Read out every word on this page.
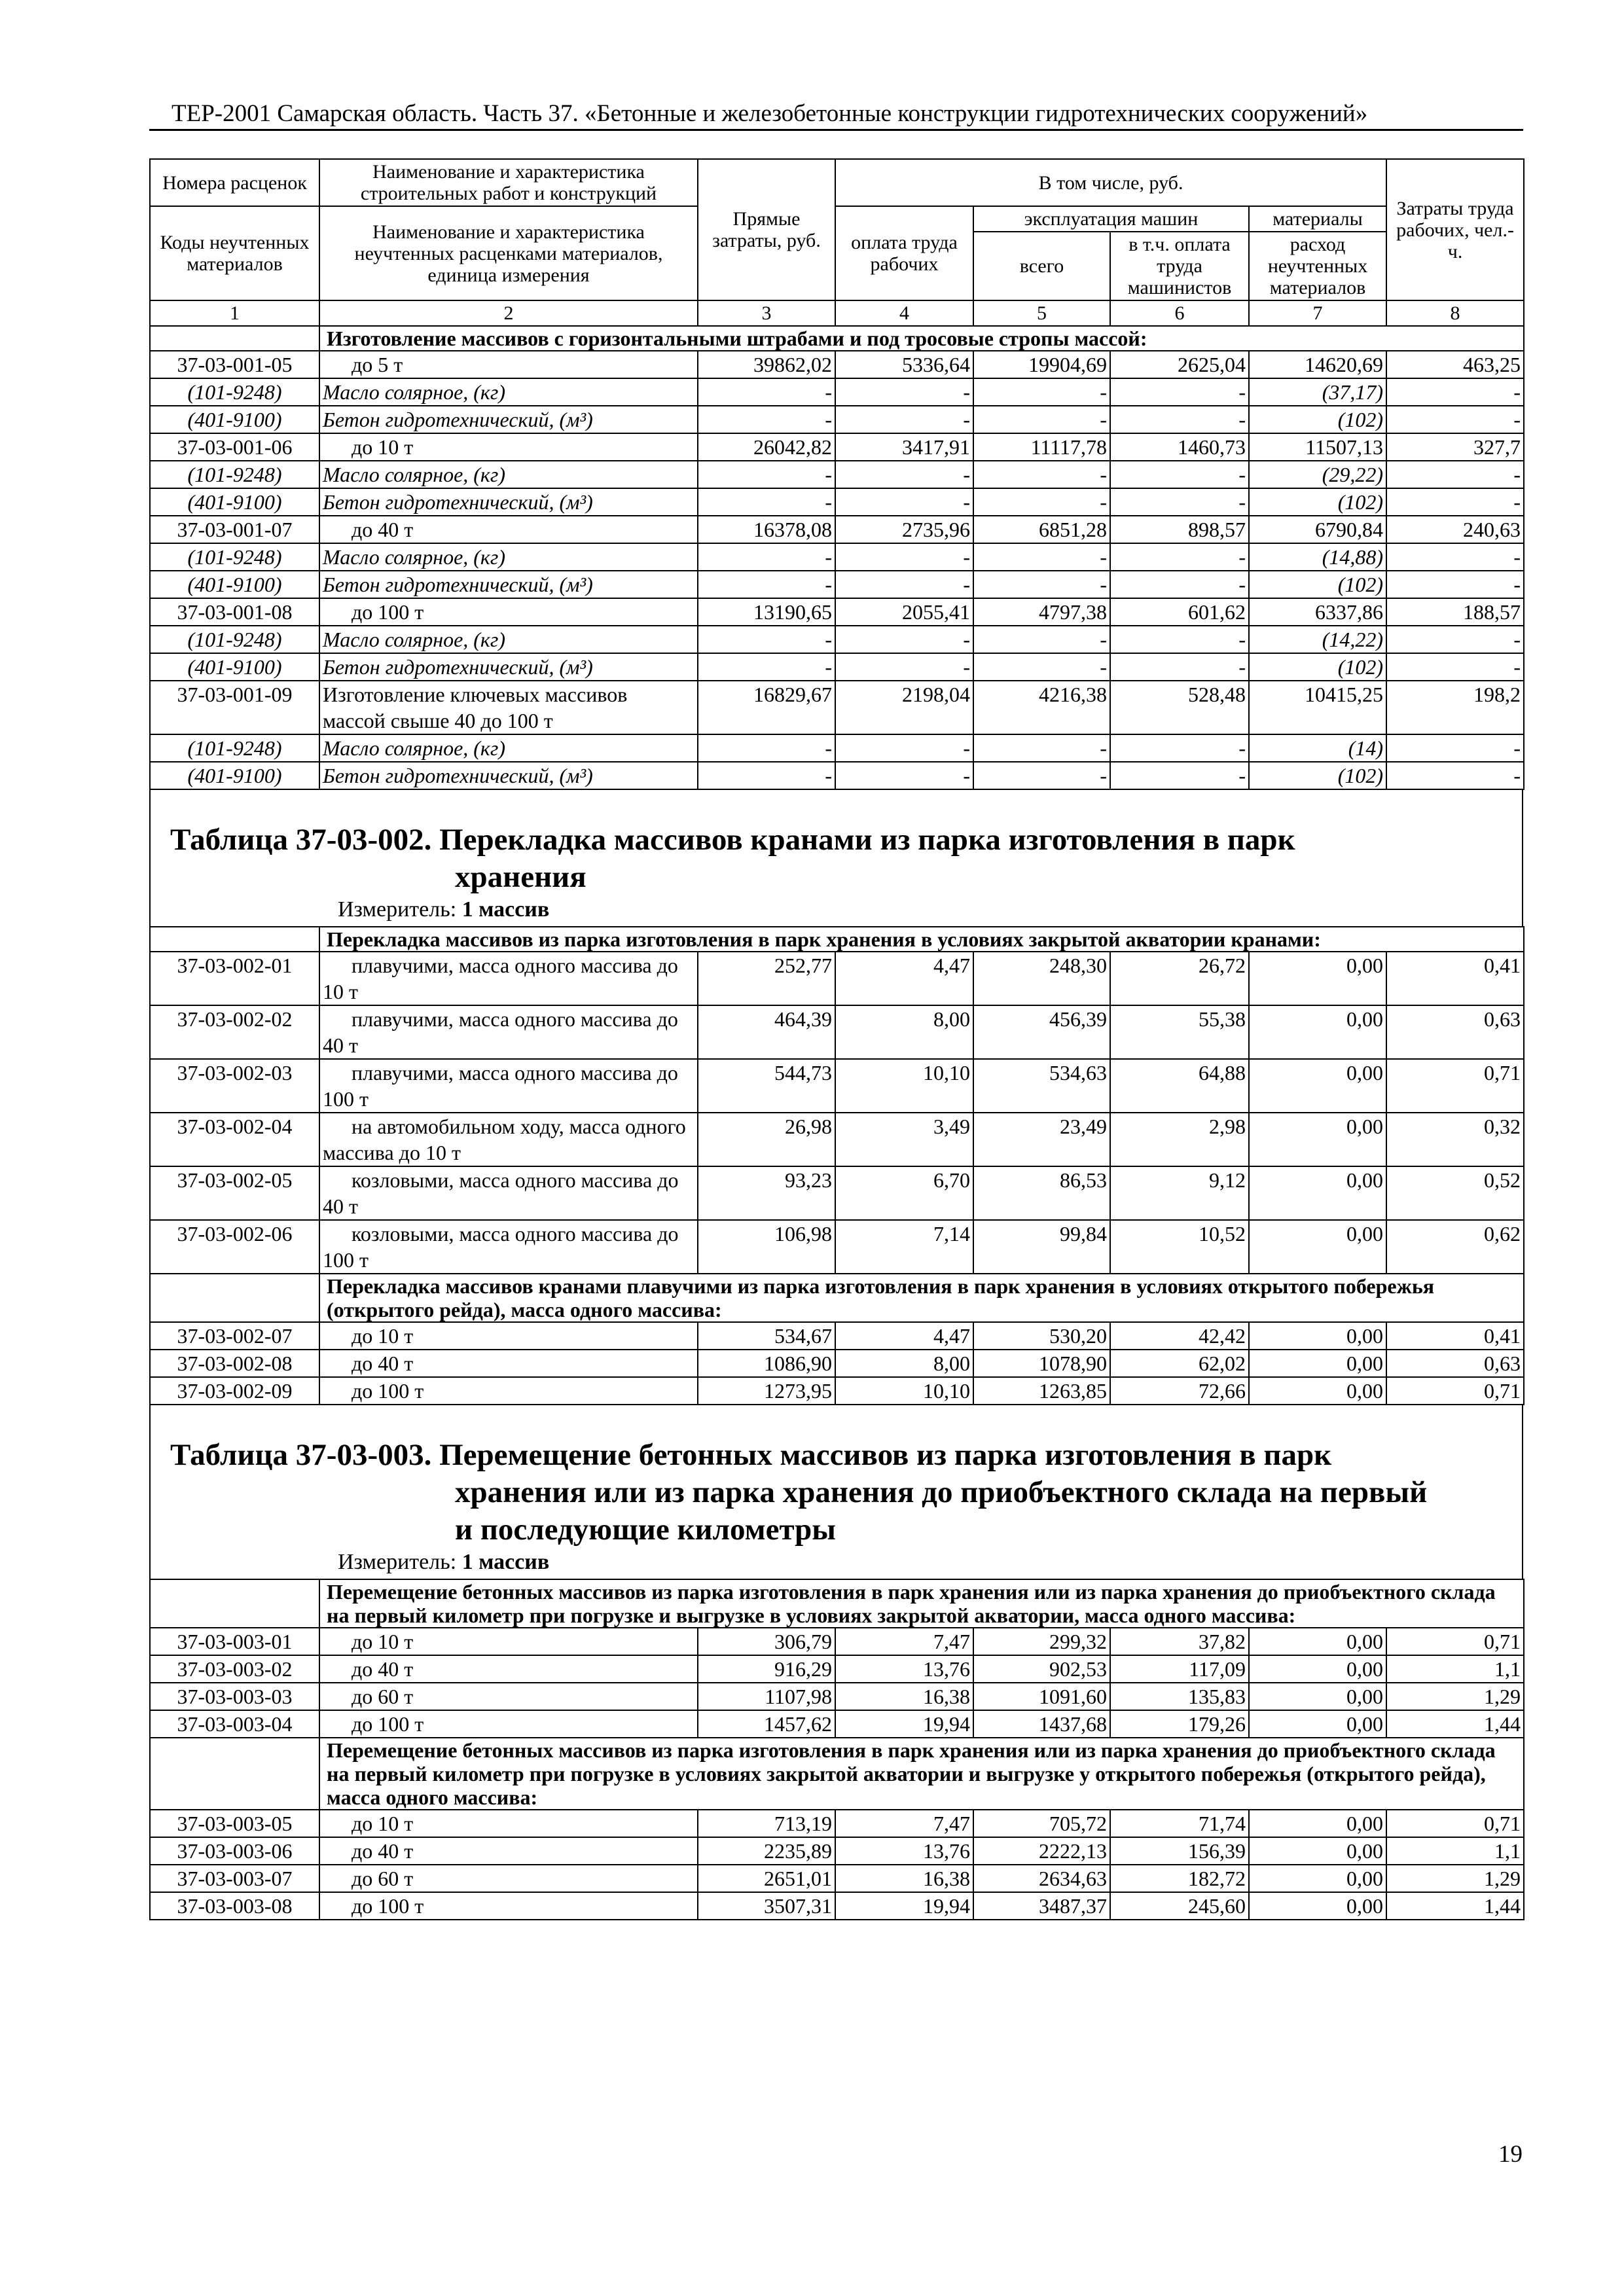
ТЕР-2001 Самарская область. Часть 37. «Бетонные и железобетонные конструкции гидротехнических сооружений»
Номера расценок	Наименование и характеристика строительных работ и конструкций	Прямые затраты, руб.	В том числе, руб.				Затраты труда рабочих, чел.-ч.
Коды неучтенных материалов	Наименование и характеристика неучтенных расценками материалов, единица измерения		оплата труда рабочих	эксплуатация машин		материалы	
				всего	в т.ч. оплата труда машинистов	расход неучтенных материалов	
1	2	3	4	5	6	7	8
	Изготовление массивов с горизонтальными штрабами и под тросовые стропы массой:						
37-03-001-05	до 5 т	39862,02	5336,64	19904,69	2625,04	14620,69	463,25
(101-9248)	Масло солярное, (кг)	-	-	-	-	(37,17)	-
(401-9100)	Бетон гидротехнический, (м³)	-	-	-	-	(102)	-
37-03-001-06	до 10 т	26042,82	3417,91	11117,78	1460,73	11507,13	327,7
(101-9248)	Масло солярное, (кг)	-	-	-	-	(29,22)	-
(401-9100)	Бетон гидротехнический, (м³)	-	-	-	-	(102)	-
37-03-001-07	до 40 т	16378,08	2735,96	6851,28	898,57	6790,84	240,63
(101-9248)	Масло солярное, (кг)	-	-	-	-	(14,88)	-
(401-9100)	Бетон гидротехнический, (м³)	-	-	-	-	(102)	-
37-03-001-08	до 100 т	13190,65	2055,41	4797,38	601,62	6337,86	188,57
(101-9248)	Масло солярное, (кг)	-	-	-	-	(14,22)	-
(401-9100)	Бетон гидротехнический, (м³)	-	-	-	-	(102)	-
37-03-001-09	Изготовление ключевых массивов массой свыше 40 до 100 т	16829,67	2198,04	4216,38	528,48	10415,25	198,2
(101-9248)	Масло солярное, (кг)	-	-	-	-	(14)	-
(401-9100)	Бетон гидротехнический, (м³)	-	-	-	-	(102)	-
Таблица 37-03-002. Перекладка массивов кранами из парка изготовления в парк
хранения
Измеритель: 1 массив
	Перекладка массивов из парка изготовления в парк хранения в условиях закрытой акватории кранами:						
37-03-002-01	плавучими, масса одного массива до 10 т	252,77	4,47	248,30	26,72	0,00	0,41
37-03-002-02	плавучими, масса одного массива до 40 т	464,39	8,00	456,39	55,38	0,00	0,63
37-03-002-03	плавучими, масса одного массива до 100 т	544,73	10,10	534,63	64,88	0,00	0,71
37-03-002-04	на автомобильном ходу, масса одного массива до 10 т	26,98	3,49	23,49	2,98	0,00	0,32
37-03-002-05	козловыми, масса одного массива до 40 т	93,23	6,70	86,53	9,12	0,00	0,52
37-03-002-06	козловыми, масса одного массива до 100 т	106,98	7,14	99,84	10,52	0,00	0,62
	Перекладка массивов кранами плавучими из парка изготовления в парк хранения в условиях открытого побережья (открытого рейда), масса одного массива:						
37-03-002-07	до 10 т	534,67	4,47	530,20	42,42	0,00	0,41
37-03-002-08	до 40 т	1086,90	8,00	1078,90	62,02	0,00	0,63
37-03-002-09	до 100 т	1273,95	10,10	1263,85	72,66	0,00	0,71
Таблица 37-03-003. Перемещение бетонных массивов из парка изготовления в парк
хранения или из парка хранения до приобъектного склада на первый
и последующие километры
Измеритель: 1 массив
	Перемещение бетонных массивов из парка изготовления в парк хранения или из парка хранения до приобъектного склада на первый километр при погрузке и выгрузке в условиях закрытой акватории, масса одного массива:						
37-03-003-01	до 10 т	306,79	7,47	299,32	37,82	0,00	0,71
37-03-003-02	до 40 т	916,29	13,76	902,53	117,09	0,00	1,1
37-03-003-03	до 60 т	1107,98	16,38	1091,60	135,83	0,00	1,29
37-03-003-04	до 100 т	1457,62	19,94	1437,68	179,26	0,00	1,44
	Перемещение бетонных массивов из парка изготовления в парк хранения или из парка хранения до приобъектного склада на первый километр при погрузке в условиях закрытой акватории и выгрузке у открытого побережья (открытого рейда), масса одного массива:						
37-03-003-05	до 10 т	713,19	7,47	705,72	71,74	0,00	0,71
37-03-003-06	до 40 т	2235,89	13,76	2222,13	156,39	0,00	1,1
37-03-003-07	до 60 т	2651,01	16,38	2634,63	182,72	0,00	1,29
37-03-003-08	до 100 т	3507,31	19,94	3487,37	245,60	0,00	1,44
19
